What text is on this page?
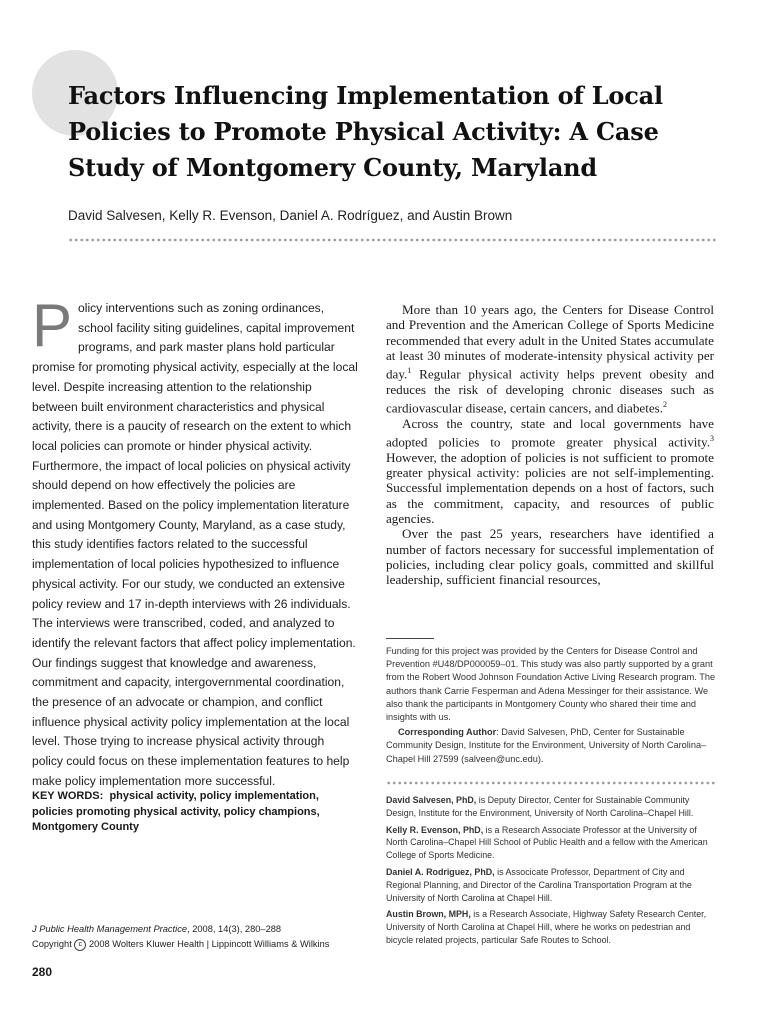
Factors Influencing Implementation of Local Policies to Promote Physical Activity: A Case Study of Montgomery County, Maryland
David Salvesen, Kelly R. Evenson, Daniel A. Rodríguez, and Austin Brown

Policy interventions such as zoning ordinances, school facility siting guidelines, capital improvement programs, and park master plans hold particular promise for promoting physical activity, especially at the local level. Despite increasing attention to the relationship between built environment characteristics and physical activity, there is a paucity of research on the extent to which local policies can promote or hinder physical activity. Furthermore, the impact of local policies on physical activity should depend on how effectively the policies are implemented. Based on the policy implementation literature and using Montgomery County, Maryland, as a case study, this study identifies factors related to the successful implementation of local policies hypothesized to influence physical activity. For our study, we conducted an extensive policy review and 17 in-depth interviews with 26 individuals. The interviews were transcribed, coded, and analyzed to identify the relevant factors that affect policy implementation. Our findings suggest that knowledge and awareness, commitment and capacity, intergovernmental coordination, the presence of an advocate or champion, and conflict influence physical activity policy implementation at the local level. Those trying to increase physical activity through policy could focus on these implementation features to help make policy implementation more successful.

KEY WORDS: physical activity, policy implementation, policies promoting physical activity, policy champions, Montgomery County

J Public Health Management Practice, 2008, 14(3), 280–288

Copyright c 2008 Wolters Kluwer Health | Lippincott Williams & Wilkins

280

More than 10 years ago, the Centers for Disease Control and Prevention and the American College of Sports Medicine recommended that every adult in the United States accumulate at least 30 minutes of moderate-intensity physical activity per day.$^1$ Regular physical activity helps prevent obesity and reduces the risk of developing chronic diseases such as cardiovascular disease, certain cancers, and diabetes.$^2$

Across the country, state and local governments have adopted policies to promote greater physical activity.$^3$ However, the adoption of policies is not sufficient to promote greater physical activity: policies are not self-implementing. Successful implementation depends on a host of factors, such as the commitment, capacity, and resources of public agencies.

Over the past 25 years, researchers have identified a number of factors necessary for successful implementation of policies, including clear policy goals, committed and skillful leadership, sufficient financial resources,

Funding for this project was provided by the Centers for Disease Control and Prevention #U48/DP000059–01. This study was also partly supported by a grant from the Robert Wood Johnson Foundation Active Living Research program. The authors thank Carrie Fesperman and Adena Messinger for their assistance. We also thank the participants in Montgomery County who shared their time and insights with us.

Corresponding Author: David Salvesen, PhD, Center for Sustainable Community Design, Institute for the Environment, University of North Carolina–Chapel Hill 27599 (salveen@unc.edu).

David Salvesen, PhD, is Deputy Director, Center for Sustainable Community Design, Institute for the Environment, University of North Carolina–Chapel Hill.

Kelly R. Evenson, PhD, is a Research Associate Professor at the University of North Carolina–Chapel Hill School of Public Health and a fellow with the American College of Sports Medicine.

Daniel A. Rodriguez, PhD, is Associcate Professor, Department of City and Regional Planning, and Director of the Carolina Transportation Program at the University of North Carolina at Chapel Hill.

Austin Brown, MPH, is a Research Associate, Highway Safety Research Center, University of North Carolina at Chapel Hill, where he works on pedestrian and bicycle related projects, particular Safe Routes to School.
